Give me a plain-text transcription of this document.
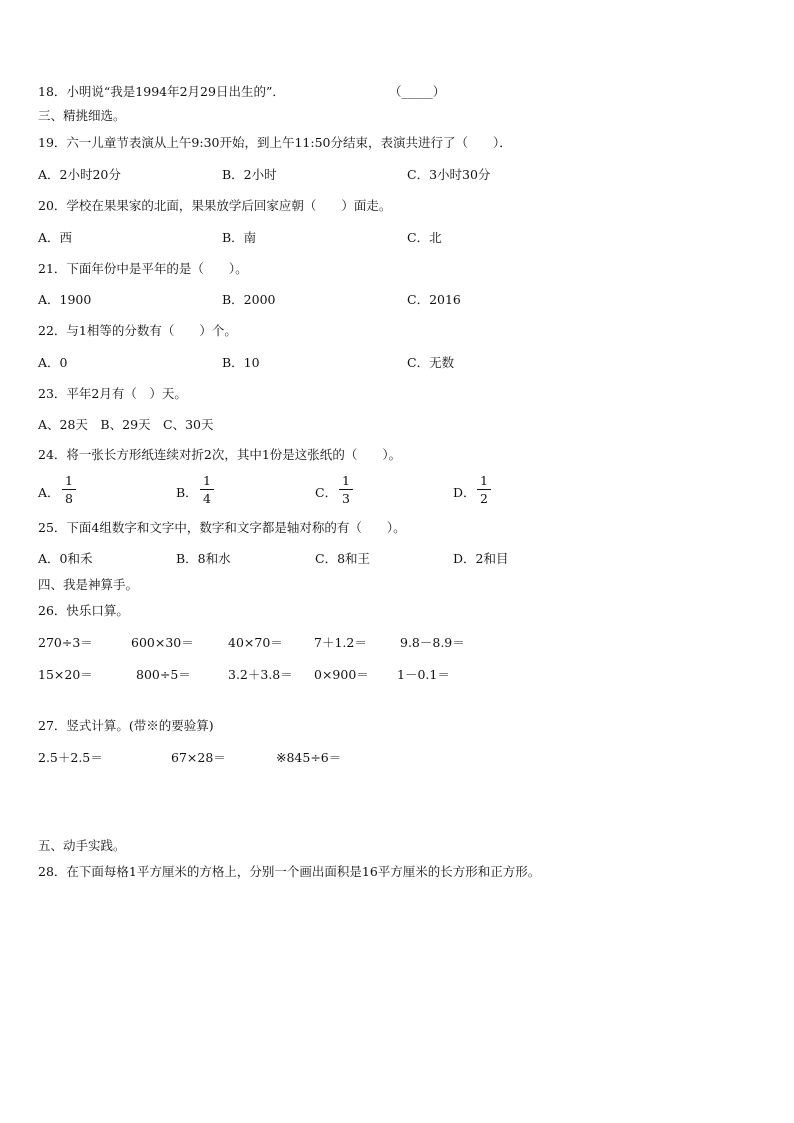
18．小明说“我是1994年2月29日出生的”．	（_____）
三、精挑细选。
19．六一儿童节表演从上午9:30开始，到上午11:50分结束，表演共进行了（　　）．
A．2小时20分	B．2小时	C．3小时30分
20．学校在果果家的北面，果果放学后回家应朝（　　）面走。
A．西	B．南	C．北
21．下面年份中是平年的是（　　）。
A．1900	B．2000	C．2016
22．与1相等的分数有（　　）个。
A．0	B．10	C．无数
23．平年2月有（　）天。
A、28天　B、29天　C、30天
24．将一张长方形纸连续对折2次，其中1份是这张纸的（　　）。
A．
1
8	B．
1
4	C．
1
3	D．
1
2
25．下面4组数字和文字中，数字和文字都是轴对称的有（　　）。
A．0和禾	B．8和水	C．8和王	D．2和目
四、我是神算手。
26．快乐口算。
270÷3＝	600×30＝	40×70＝ 7＋1.2＝	9.8－8.9＝
15×20＝	800÷5＝	3.2＋3.8＝ 0×900＝ 1－0.1＝
27．竖式计算。(带※的要验算)
2.5＋2.5＝	67×28＝	※845÷6＝
五、动手实践。
28．在下面每格1平方厘米的方格上，分别一个画出面积是16平方厘米的长方形和正方形。
